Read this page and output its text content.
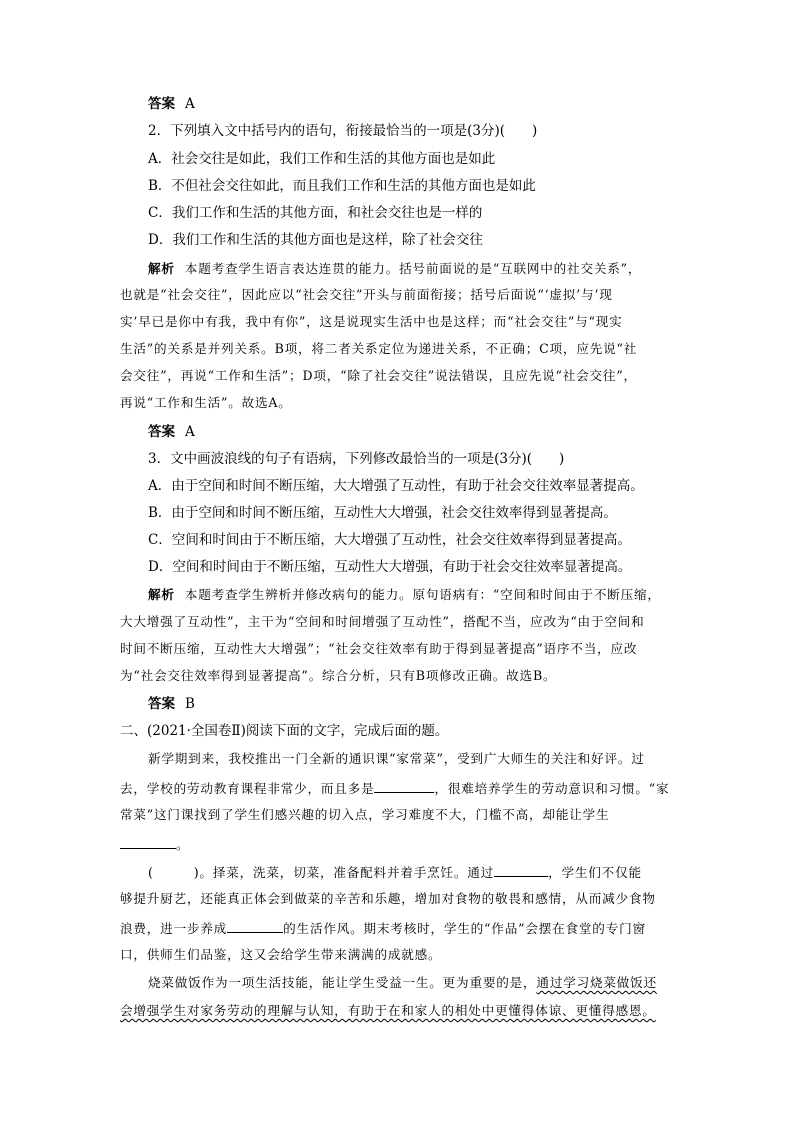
答案 A
2．下列填入文中括号内的语句，衔接最恰当的一项是(3分)(　　)
A．社会交往是如此，我们工作和生活的其他方面也是如此
B．不但社会交往如此，而且我们工作和生活的其他方面也是如此
C．我们工作和生活的其他方面，和社会交往也是一样的
D．我们工作和生活的其他方面也是这样，除了社会交往
解析 本题考查学生语言表达连贯的能力。括号前面说的是“互联网中的社交关系”，
也就是“社会交往”，因此应以“社会交往”开头与前面衔接；括号后面说“‘虚拟’与‘现
实’早已是你中有我，我中有你”，这是说现实生活中也是这样；而“社会交往”与“现实
生活”的关系是并列关系。B项，将二者关系定位为递进关系，不正确；C项，应先说“社
会交往”，再说“工作和生活”；D项，“除了社会交往”说法错误，且应先说“社会交往”，
再说“工作和生活”。故选A。
答案 A
3．文中画波浪线的句子有语病，下列修改最恰当的一项是(3分)(　　)
A．由于空间和时间不断压缩，大大增强了互动性，有助于社会交往效率显著提高。
B．由于空间和时间不断压缩，互动性大大增强，社会交往效率得到显著提高。
C．空间和时间由于不断压缩，大大增强了互动性，社会交往效率得到显著提高。
D．空间和时间由于不断压缩，互动性大大增强，有助于社会交往效率显著提高。
解析 本题考查学生辨析并修改病句的能力。原句语病有：“空间和时间由于不断压缩，
大大增强了互动性”，主干为“空间和时间增强了互动性”，搭配不当，应改为“由于空间和
时间不断压缩，互动性大大增强”；“社会交往效率有助于得到显著提高”语序不当，应改
为“社会交往效率得到显著提高”。综合分析，只有B项修改正确。故选B。
答案 B
二、(2021·全国卷Ⅱ)阅读下面的文字，完成后面的题。
新学期到来，我校推出一门全新的通识课“家常菜”，受到广大师生的关注和好评。过
去，学校的劳动教育课程非常少，而且多是	，很难培养学生的劳动意识和习惯。“家
常菜”这门课找到了学生们感兴趣的切入点，学习难度不大，门槛不高，却能让学生
。
(	)。择菜，洗菜，切菜，准备配料并着手烹饪。通过	，学生们不仅能
够提升厨艺，还能真正体会到做菜的辛苦和乐趣，增加对食物的敬畏和感情，从而减少食物
浪费，进一步养成	的生活作风。期末考核时，学生的“作品”会摆在食堂的专门窗
口，供师生们品鉴，这又会给学生带来满满的成就感。
烧菜做饭作为一项生活技能，能让学生受益一生。更为重要的是，通过学习烧菜做饭还
会增强学生对家务劳动的理解与认知，有助于在和家人的相处中更懂得体谅、更懂得感恩。
